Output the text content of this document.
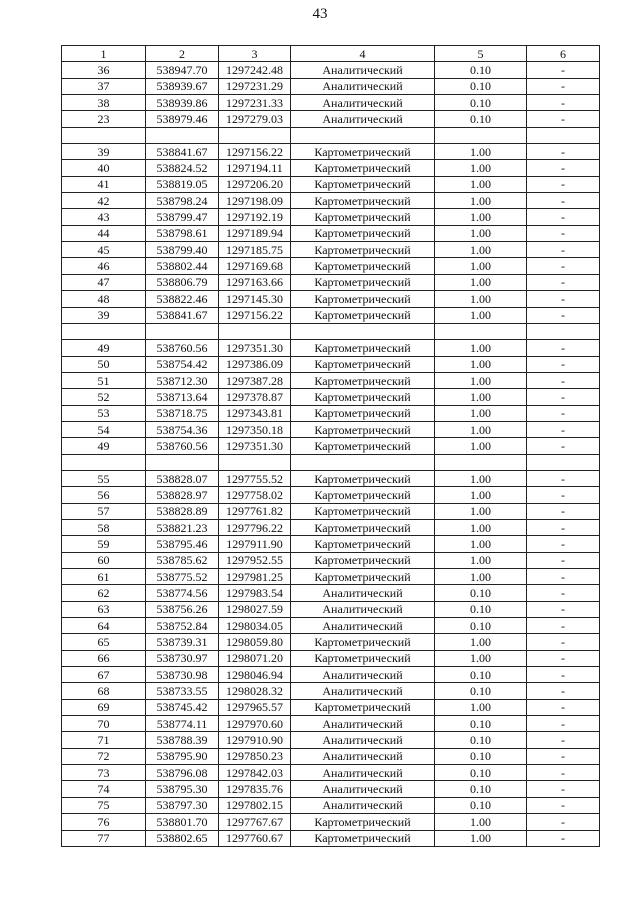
43
1	2	3	4	5	6
36	538947.70	1297242.48	Аналитический	0.10	-
37	538939.67	1297231.29	Аналитический	0.10	-
38	538939.86	1297231.33	Аналитический	0.10	-
23	538979.46	1297279.03	Аналитический	0.10	-

39	538841.67	1297156.22	Картометрический	1.00	-
40	538824.52	1297194.11	Картометрический	1.00	-
41	538819.05	1297206.20	Картометрический	1.00	-
42	538798.24	1297198.09	Картометрический	1.00	-
43	538799.47	1297192.19	Картометрический	1.00	-
44	538798.61	1297189.94	Картометрический	1.00	-
45	538799.40	1297185.75	Картометрический	1.00	-
46	538802.44	1297169.68	Картометрический	1.00	-
47	538806.79	1297163.66	Картометрический	1.00	-
48	538822.46	1297145.30	Картометрический	1.00	-
39	538841.67	1297156.22	Картометрический	1.00	-

49	538760.56	1297351.30	Картометрический	1.00	-
50	538754.42	1297386.09	Картометрический	1.00	-
51	538712.30	1297387.28	Картометрический	1.00	-
52	538713.64	1297378.87	Картометрический	1.00	-
53	538718.75	1297343.81	Картометрический	1.00	-
54	538754.36	1297350.18	Картометрический	1.00	-
49	538760.56	1297351.30	Картометрический	1.00	-

55	538828.07	1297755.52	Картометрический	1.00	-
56	538828.97	1297758.02	Картометрический	1.00	-
57	538828.89	1297761.82	Картометрический	1.00	-
58	538821.23	1297796.22	Картометрический	1.00	-
59	538795.46	1297911.90	Картометрический	1.00	-
60	538785.62	1297952.55	Картометрический	1.00	-
61	538775.52	1297981.25	Картометрический	1.00	-
62	538774.56	1297983.54	Аналитический	0.10	-
63	538756.26	1298027.59	Аналитический	0.10	-
64	538752.84	1298034.05	Аналитический	0.10	-
65	538739.31	1298059.80	Картометрический	1.00	-
66	538730.97	1298071.20	Картометрический	1.00	-
67	538730.98	1298046.94	Аналитический	0.10	-
68	538733.55	1298028.32	Аналитический	0.10	-
69	538745.42	1297965.57	Картометрический	1.00	-
70	538774.11	1297970.60	Аналитический	0.10	-
71	538788.39	1297910.90	Аналитический	0.10	-
72	538795.90	1297850.23	Аналитический	0.10	-
73	538796.08	1297842.03	Аналитический	0.10	-
74	538795.30	1297835.76	Аналитический	0.10	-
75	538797.30	1297802.15	Аналитический	0.10	-
76	538801.70	1297767.67	Картометрический	1.00	-
77	538802.65	1297760.67	Картометрический	1.00	-
